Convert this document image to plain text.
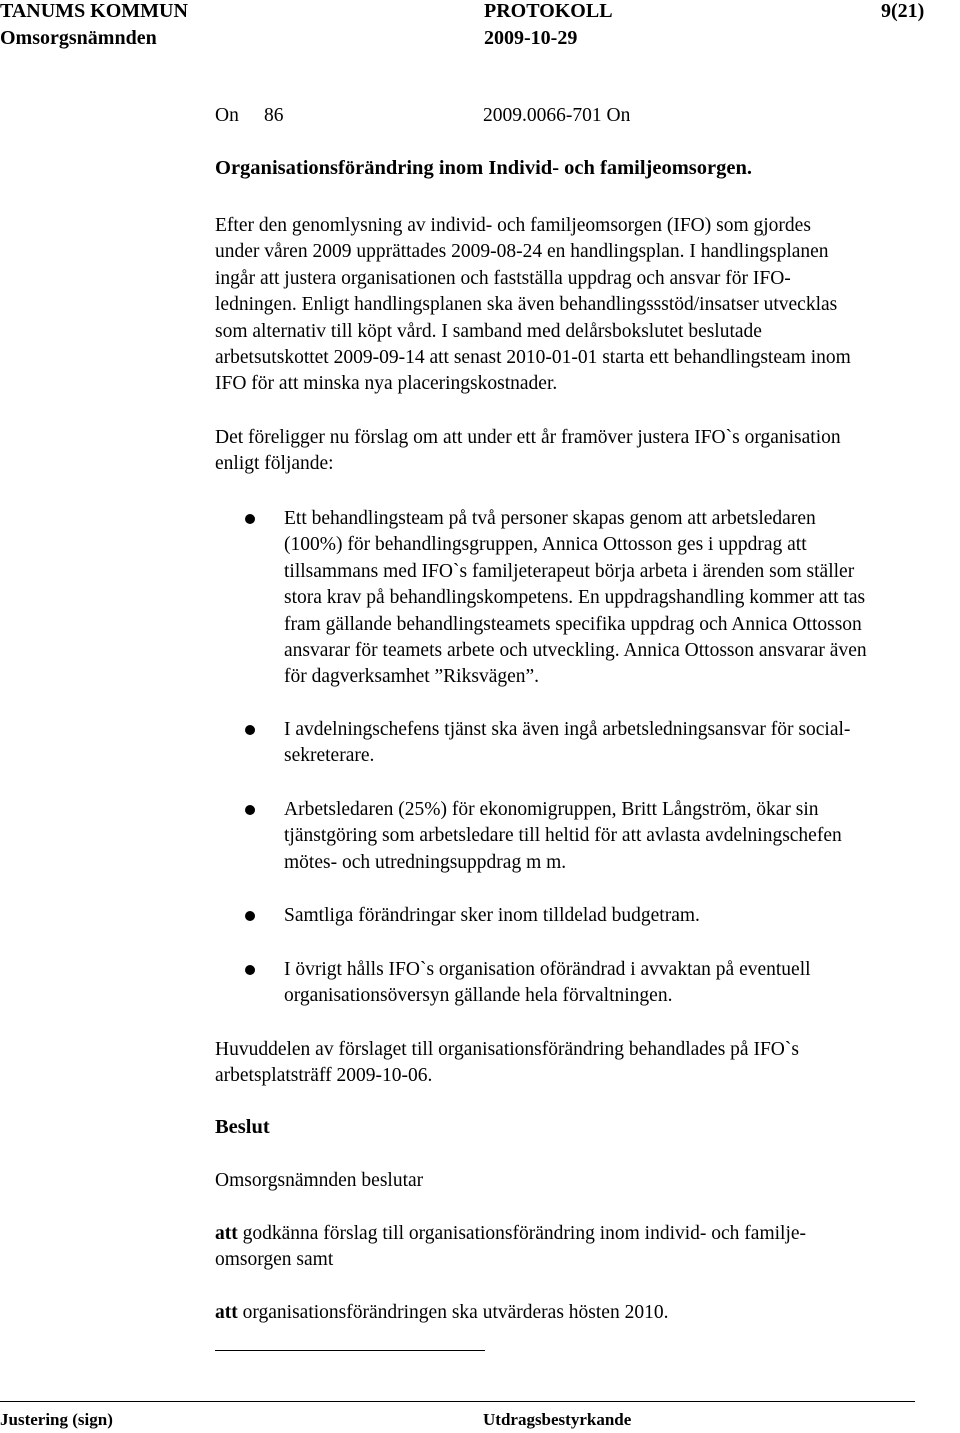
TANUMS KOMMUN	PROTOKOLL	9(21)
Omsorgsnämnden	2009-10-29
On 86	2009.0066-701 On
Organisationsförändring inom Individ- och familjeomsorgen.

Efter den genomlysning av individ- och familjeomsorgen (IFO) som gjordes
under våren 2009 upprättades 2009-08-24 en handlingsplan. I handlingsplanen
ingår att justera organisationen och fastställa uppdrag och ansvar för IFO-
ledningen. Enligt handlingsplanen ska även behandlingssstöd/insatser utvecklas
som alternativ till köpt vård. I samband med delårsbokslutet beslutade
arbetsutskottet 2009-09-14 att senast 2010-01-01 starta ett behandlingsteam inom
IFO för att minska nya placeringskostnader.

Det föreligger nu förslag om att under ett år framöver justera IFO`s organisation
enligt följande:

Ett behandlingsteam på två personer skapas genom att arbetsledaren
(100%) för behandlingsgruppen, Annica Ottosson ges i uppdrag att
tillsammans med IFO`s familjeterapeut börja arbeta i ärenden som ställer
stora krav på behandlingskompetens. En uppdragshandling kommer att tas
fram gällande behandlingsteamets specifika uppdrag och Annica Ottosson
ansvarar för teamets arbete och utveckling. Annica Ottosson ansvarar även
för dagverksamhet ”Riksvägen”.
I avdelningschefens tjänst ska även ingå arbetsledningsansvar för social-
sekreterare.
Arbetsledaren (25%) för ekonomigruppen, Britt Långström, ökar sin
tjänstgöring som arbetsledare till heltid för att avlasta avdelningschefen
mötes- och utredningsuppdrag m m.
Samtliga förändringar sker inom tilldelad budgetram.
I övrigt hålls IFO`s organisation oförändrad i avvaktan på eventuell
organisationsöversyn gällande hela förvaltningen.

Huvuddelen av förslaget till organisationsförändring behandlades på IFO`s
arbetsplatsträff 2009-10-06.

Beslut
Omsorgsnämnden beslutar

att godkänna förslag till organisationsförändring inom individ- och familje-
omsorgen samt

att organisationsförändringen ska utvärderas hösten 2010.

Justering (sign)	Utdragsbestyrkande
